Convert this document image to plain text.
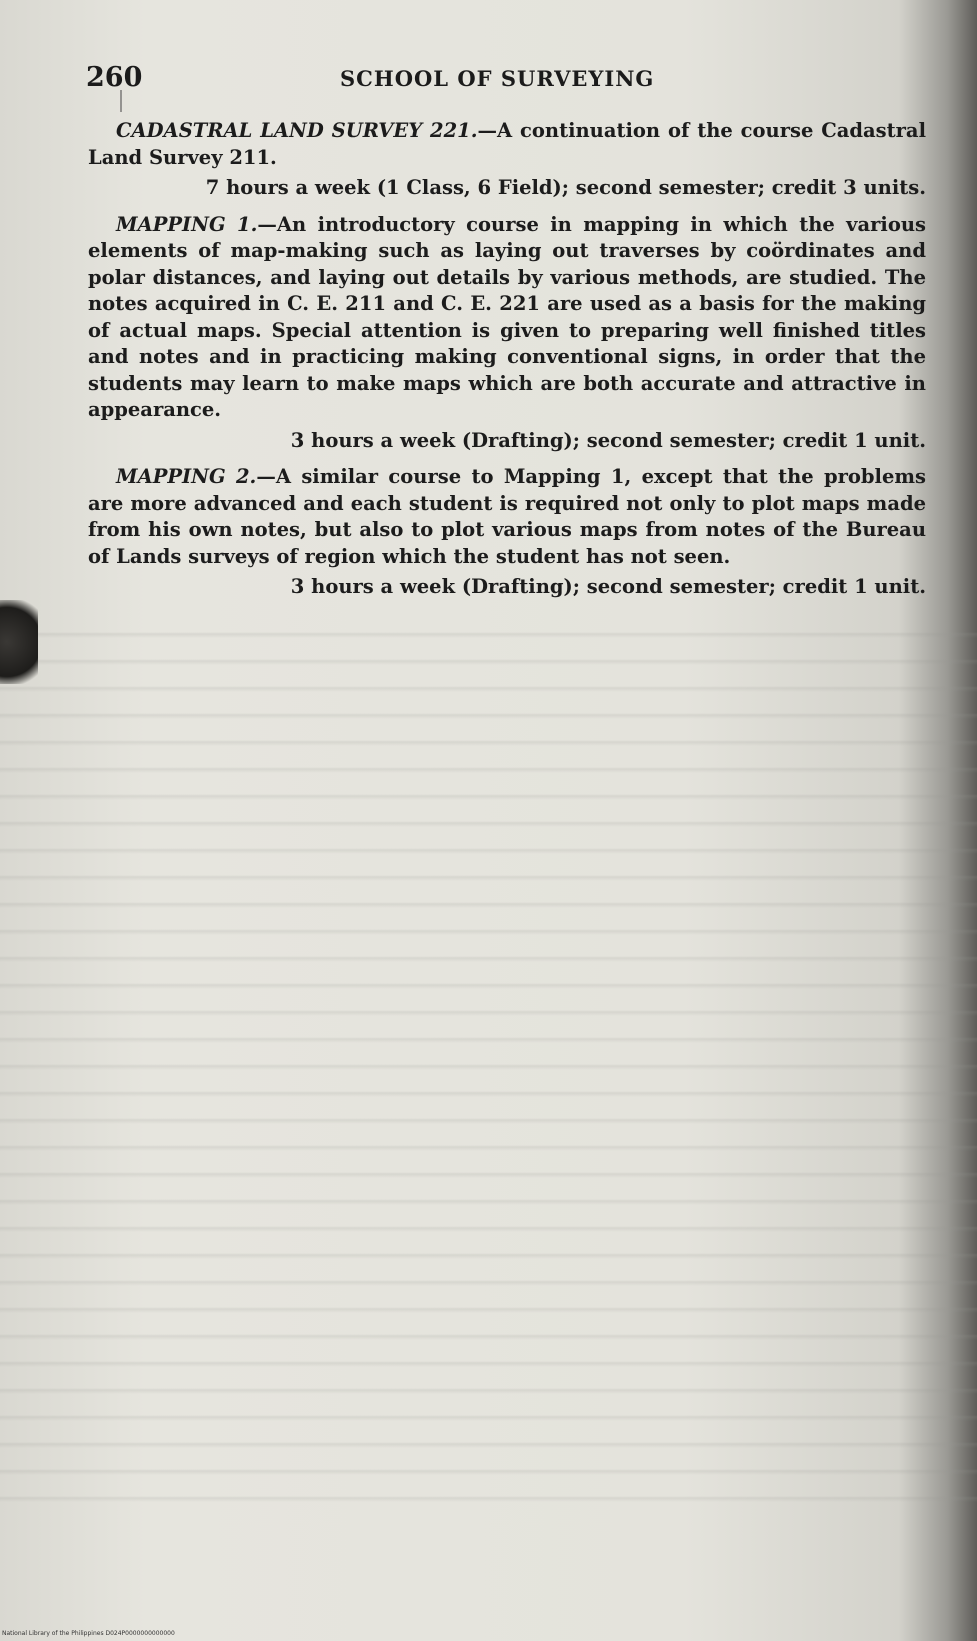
260	SCHOOL OF SURVEYING

CADASTRAL LAND SURVEY 221.—A continuation of the course Cadastral Land Survey 211.

7 hours a week (1 Class, 6 Field); second semester; credit 3 units.

MAPPING 1.—An introductory course in mapping in which the various elements of map-making such as laying out traverses by coördinates and polar distances, and laying out details by various methods, are studied. The notes acquired in C. E. 211 and C. E. 221 are used as a basis for the making of actual maps. Special attention is given to preparing well finished titles and notes and in practicing making conventional signs, in order that the students may learn to make maps which are both accurate and attractive in appearance.

3 hours a week (Drafting); second semester; credit 1 unit.

MAPPING 2.—A similar course to Mapping 1, except that the problems are more advanced and each student is required not only to plot maps made from his own notes, but also to plot various maps from notes of the Bureau of Lands surveys of region which the student has not seen.

3 hours a week (Drafting); second semester; credit 1 unit.

National Library of the Philippines D024P0000000000000
